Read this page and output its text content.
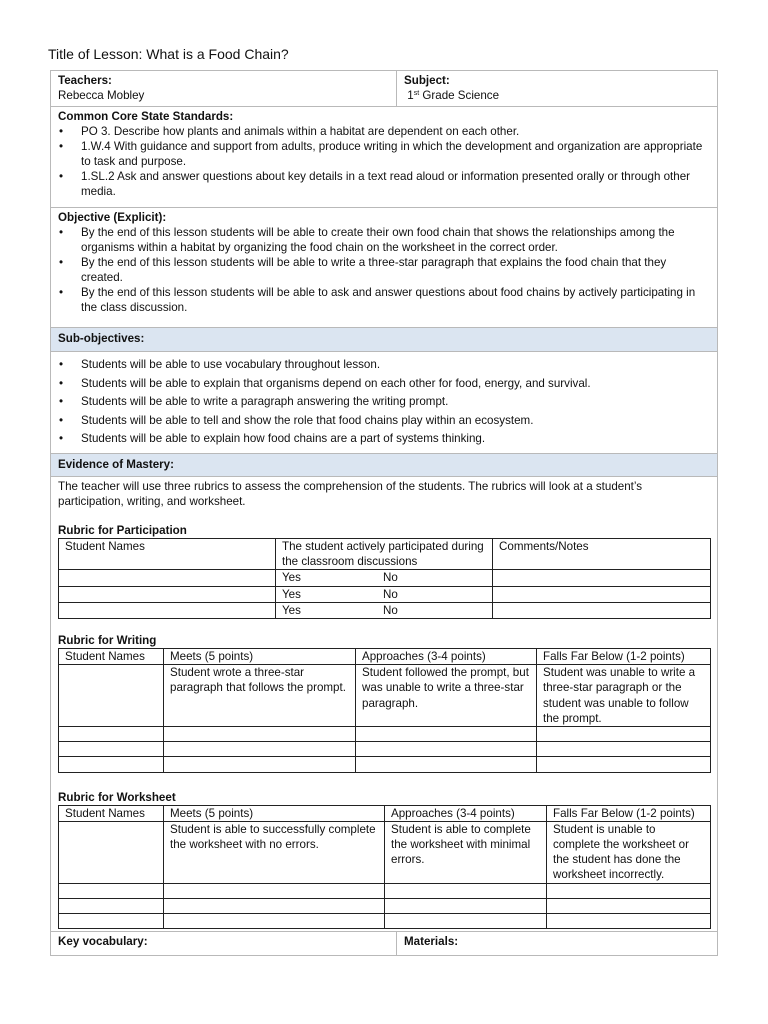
Title of Lesson: What is a Food Chain?
Teachers:
Rebecca Mobley
Subject:
1st Grade Science
Common Core State Standards:
• PO 3. Describe how plants and animals within a habitat are dependent on each other.
• 1.W.4 With guidance and support from adults, produce writing in which the development and organization are appropriate to task and purpose.
• 1.SL.2 Ask and answer questions about key details in a text read aloud or information presented orally or through other media.
Objective (Explicit):
• By the end of this lesson students will be able to create their own food chain that shows the relationships among the organisms within a habitat by organizing the food chain on the worksheet in the correct order.
• By the end of this lesson students will be able to write a three-star paragraph that explains the food chain that they created.
• By the end of this lesson students will be able to ask and answer questions about food chains by actively participating in the class discussion.
Sub-objectives:
• Students will be able to use vocabulary throughout lesson.
• Students will be able to explain that organisms depend on each other for food, energy, and survival.
• Students will be able to write a paragraph answering the writing prompt.
• Students will be able to tell and show the role that food chains play within an ecosystem.
• Students will be able to explain how food chains are a part of systems thinking.
Evidence of Mastery:
The teacher will use three rubrics to assess the comprehension of the students. The rubrics will look at a student’s participation, writing, and worksheet.
Rubric for Participation
Student Names	The student actively participated during the classroom discussions	Comments/Notes
	Yes No	
	Yes No	
	Yes No	
Rubric for Writing
Student Names	Meets (5 points)	Approaches (3-4 points)	Falls Far Below (1-2 points)
	Student wrote a three-star paragraph that follows the prompt.	Student followed the prompt, but was unable to write a three-star paragraph.	Student was unable to write a three-star paragraph or the student was unable to follow the prompt.

Rubric for Worksheet
Student Names	Meets (5 points)	Approaches (3-4 points)	Falls Far Below (1-2 points)
	Student is able to successfully complete the worksheet with no errors.	Student is able to complete the worksheet with minimal errors.	Student is unable to complete the worksheet or the student has done the worksheet incorrectly.

Key vocabulary:	Materials:
